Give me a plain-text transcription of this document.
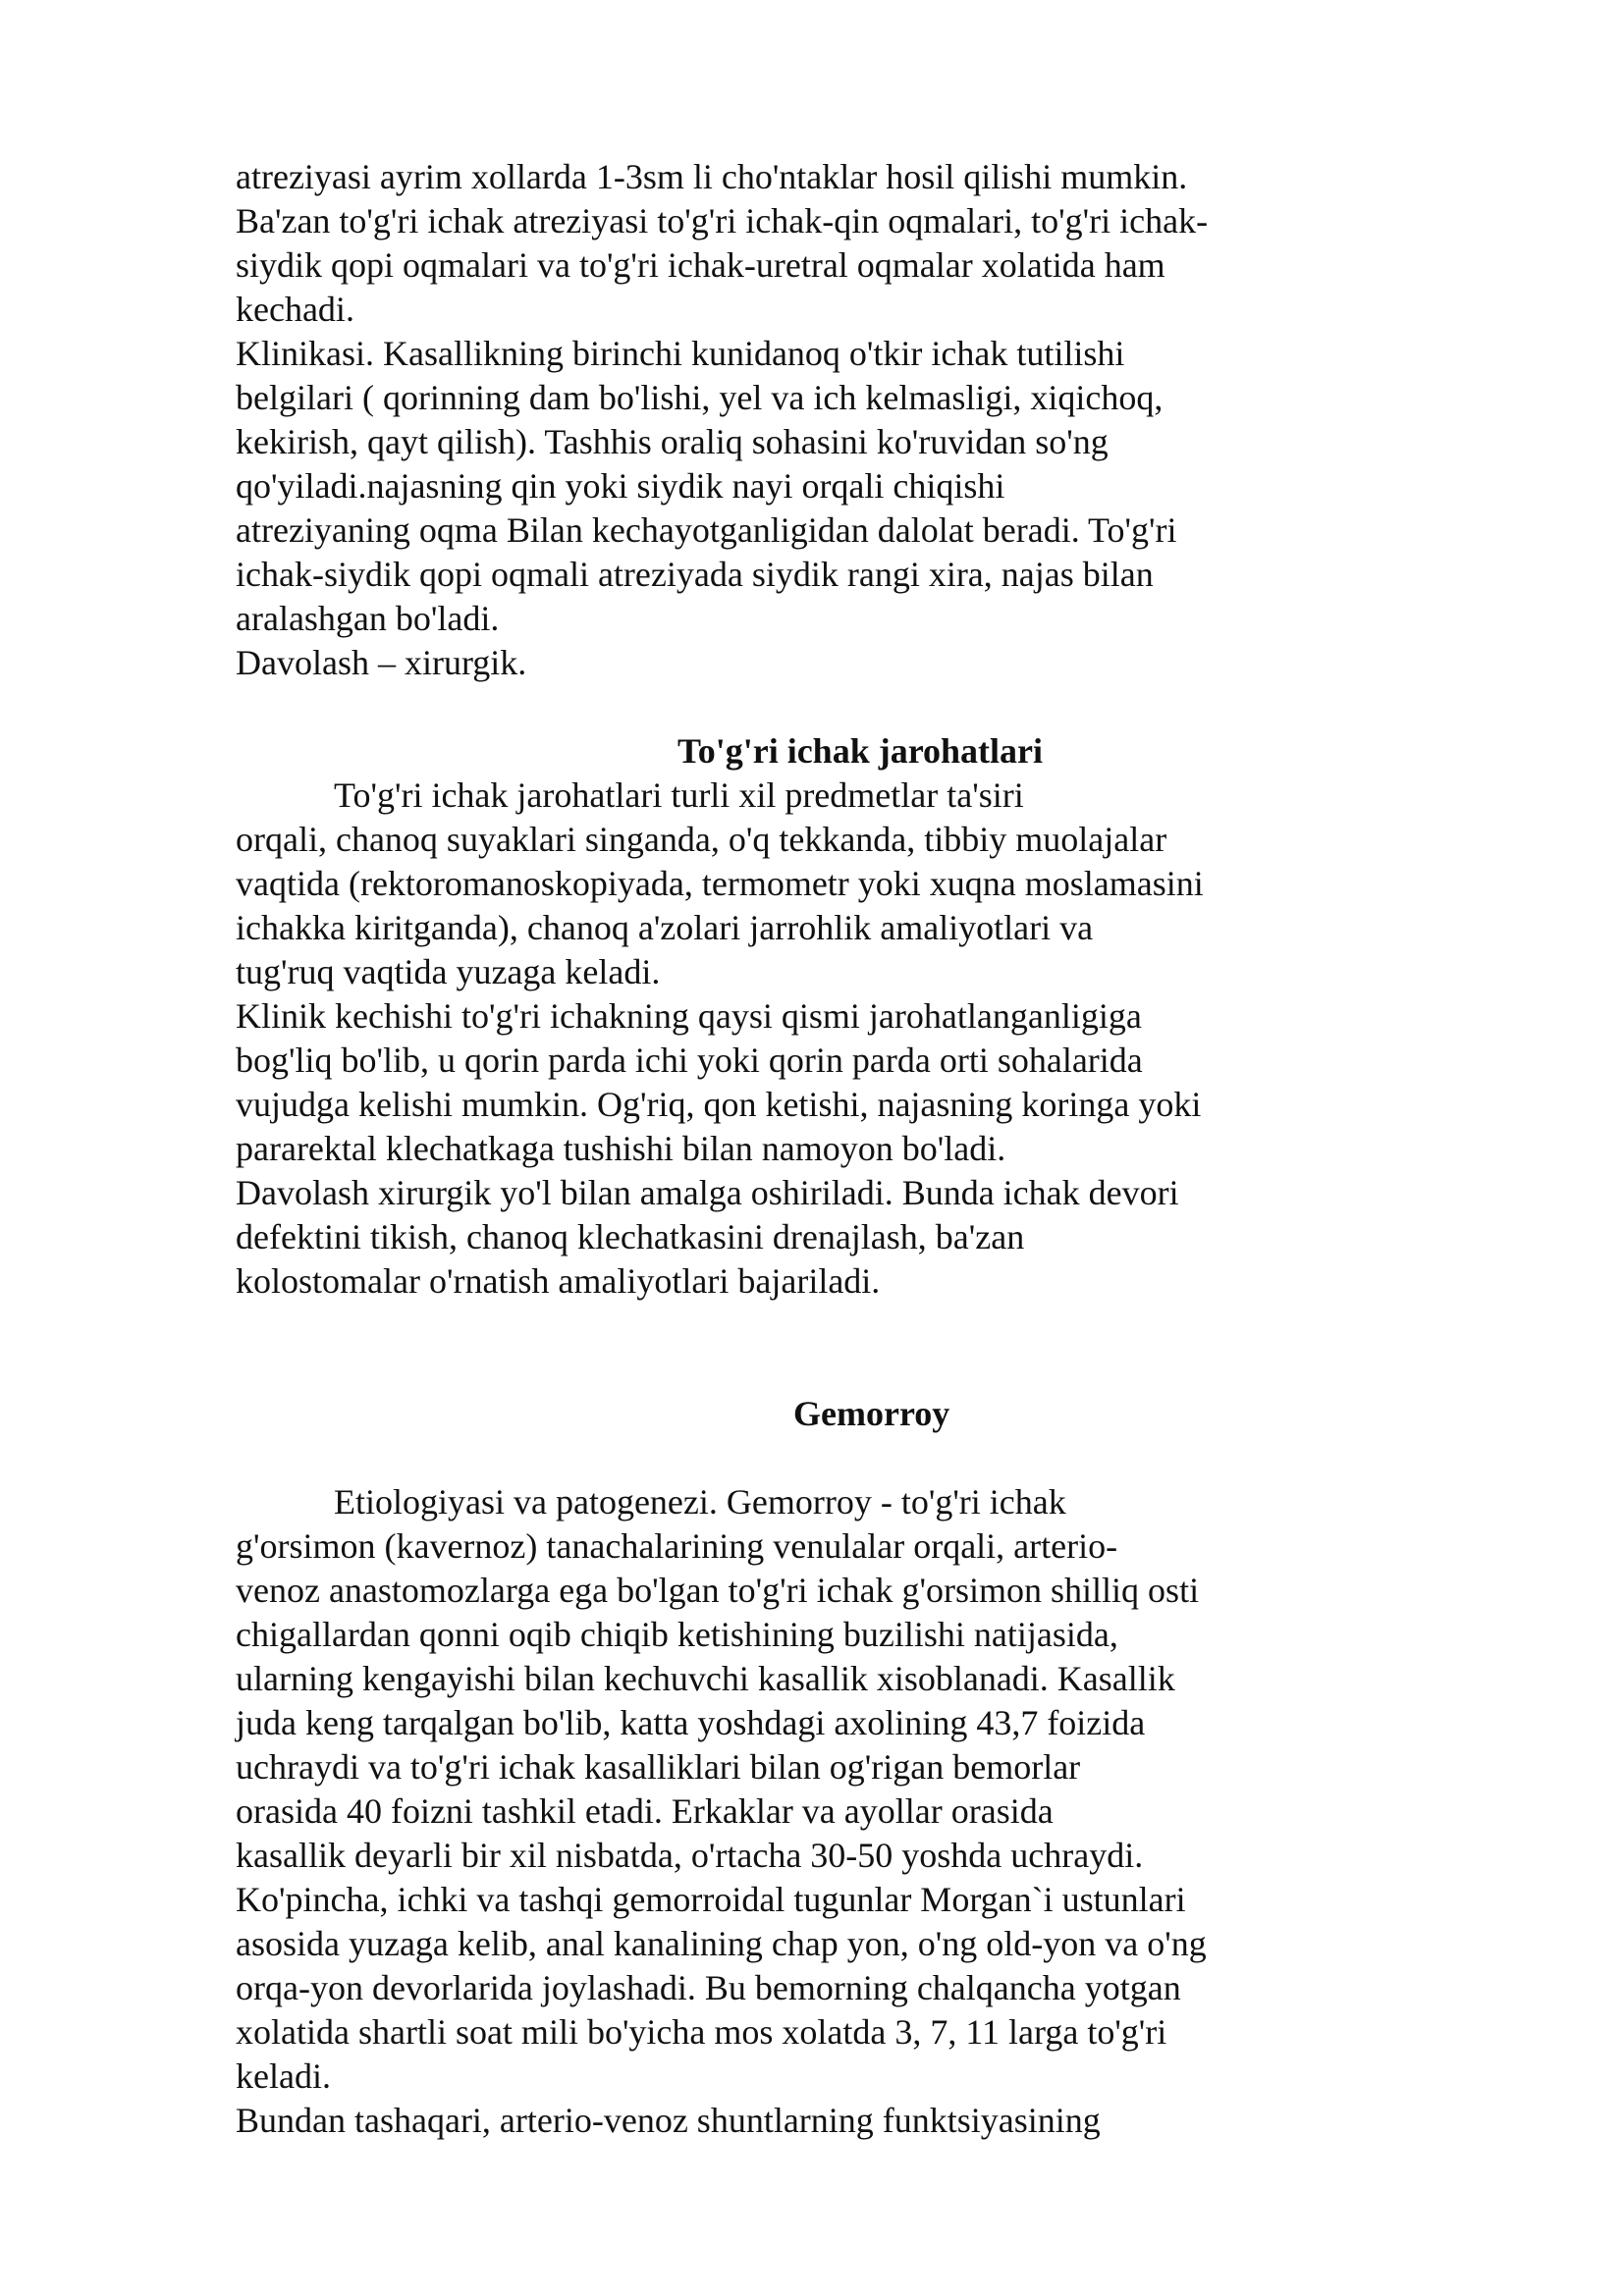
atreziyasi ayrim xollarda 1-3sm li cho'ntaklar hosil qilishi mumkin.

Ba'zan to'g'ri ichak atreziyasi to'g'ri ichak-qin oqmalari, to'g'ri ichak-

siydik qopi oqmalari va to'g'ri ichak-uretral oqmalar xolatida ham

kechadi.

Klinikasi. Kasallikning birinchi kunidanoq o'tkir ichak tutilishi

belgilari ( qorinning dam bo'lishi, yel va ich kelmasligi, xiqichoq,

kekirish, qayt qilish). Tashhis oraliq sohasini ko'ruvidan so'ng

qo'yiladi.najasning qin yoki siydik nayi orqali chiqishi

atreziyaning oqma Bilan kechayotganligidan dalolat beradi. To'g'ri

ichak-siydik qopi oqmali atreziyada siydik rangi xira, najas bilan

aralashgan bo'ladi.

Davolash – xirurgik.

To'g'ri ichak jarohatlari

To'g'ri ichak jarohatlari turli xil predmetlar ta'siri

orqali, chanoq suyaklari singanda, o'q tekkanda, tibbiy muolajalar

vaqtida (rektoromanoskopiyada, termometr yoki xuqna moslamasini

ichakka kiritganda), chanoq a'zolari jarrohlik amaliyotlari va

tug'ruq vaqtida yuzaga keladi.

Klinik kechishi to'g'ri ichakning qaysi qismi jarohatlanganligiga

bog'liq bo'lib, u qorin parda ichi yoki qorin parda orti sohalarida

vujudga kelishi mumkin. Og'riq, qon ketishi, najasning koringa yoki

pararektal klechatkaga tushishi bilan namoyon bo'ladi.

Davolash xirurgik yo'l bilan amalga oshiriladi. Bunda ichak devori

defektini tikish, chanoq klechatkasini drenajlash, ba'zan

kolostomalar o'rnatish amaliyotlari bajariladi.

Gemorroy

Etiologiyasi va patogenezi. Gemorroy - to'g'ri ichak

g'orsimon (kavernoz) tanachalarining venulalar orqali, arterio-

venoz anastomozlarga ega bo'lgan to'g'ri ichak g'orsimon shilliq osti

chigallardan qonni oqib chiqib ketishining buzilishi natijasida,

ularning kengayishi bilan kechuvchi kasallik xisoblanadi. Kasallik

juda keng tarqalgan bo'lib, katta yoshdagi axolining 43,7 foizida

uchraydi va to'g'ri ichak kasalliklari bilan og'rigan bemorlar

orasida 40 foizni tashkil etadi. Erkaklar va ayollar orasida

kasallik deyarli bir xil nisbatda, o'rtacha 30-50 yoshda uchraydi.

Ko'pincha, ichki va tashqi gemorroidal tugunlar Morgan`i ustunlari

asosida yuzaga kelib, anal kanalining chap yon, o'ng old-yon va o'ng

orqa-yon devorlarida joylashadi. Bu bemorning chalqancha yotgan

xolatida shartli soat mili bo'yicha mos xolatda 3, 7, 11 larga to'g'ri

keladi.

Bundan tashaqari, arterio-venoz shuntlarning funktsiyasining
